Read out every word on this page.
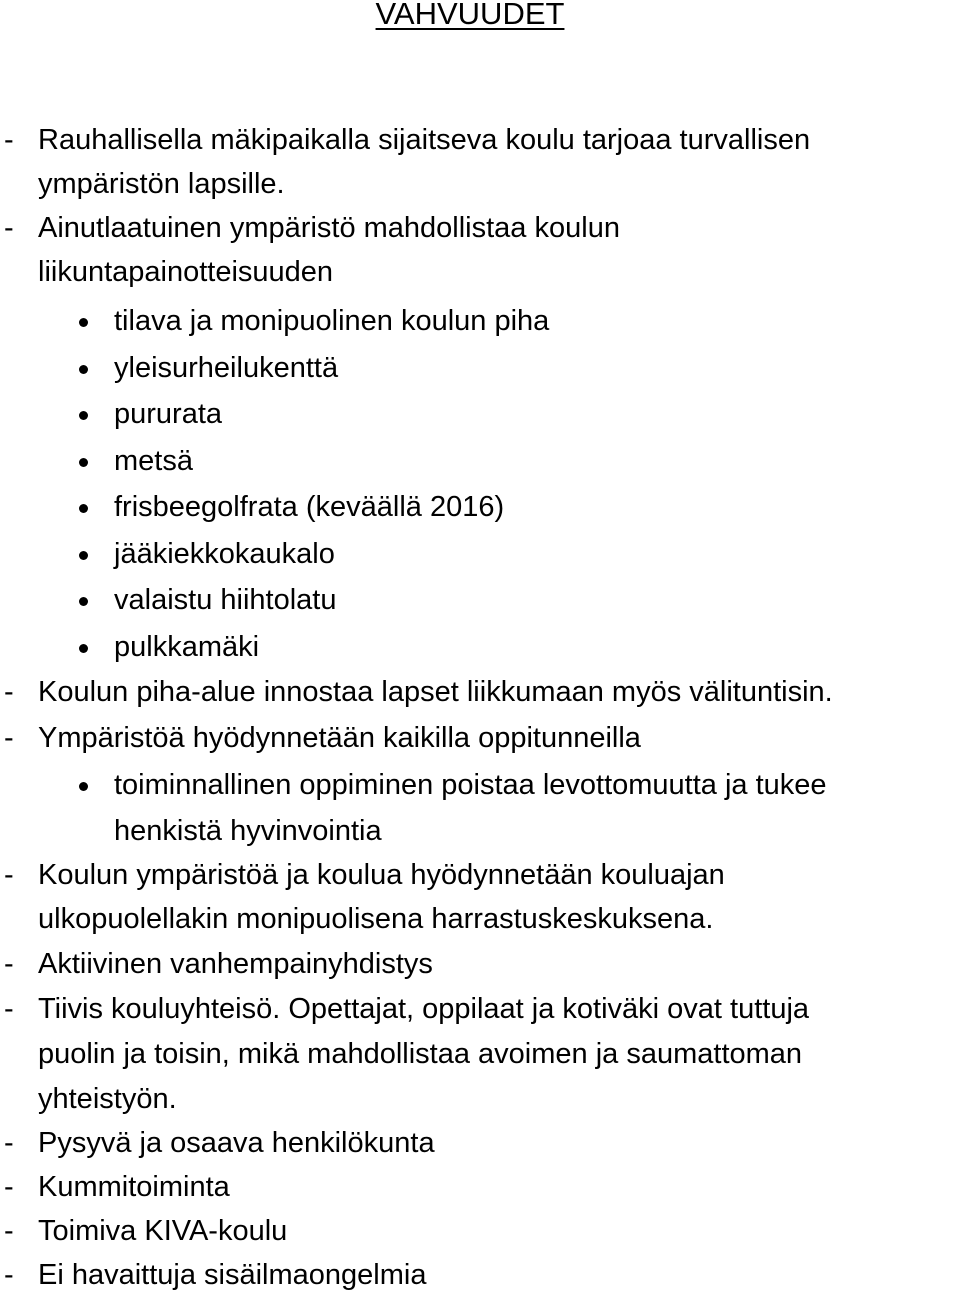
VAHVUUDET
- Rauhallisella mäkipaikalla sijaitseva koulu tarjoaa turvallisen
ympäristön lapsille.
- Ainutlaatuinen ympäristö mahdollistaa koulun
liikuntapainotteisuuden
tilava ja monipuolinen koulun piha
yleisurheilukenttä
pururata
metsä
frisbeegolfrata (keväällä 2016)
jääkiekkokaukalo
valaistu hiihtolatu
pulkkamäki
- Koulun piha-alue innostaa lapset liikkumaan myös välituntisin.
- Ympäristöä hyödynnetään kaikilla oppitunneilla
toiminnallinen oppiminen poistaa levottomuutta ja tukee
henkistä hyvinvointia
- Koulun ympäristöä ja koulua hyödynnetään kouluajan
ulkopuolellakin monipuolisena harrastuskeskuksena.
- Aktiivinen vanhempainyhdistys
- Tiivis kouluyhteisö. Opettajat, oppilaat ja kotiväki ovat tuttuja
puolin ja toisin, mikä mahdollistaa avoimen ja saumattoman
yhteistyön.
- Pysyvä ja osaava henkilökunta
- Kummitoiminta
- Toimiva KIVA-koulu
- Ei havaittuja sisäilmaongelmia
